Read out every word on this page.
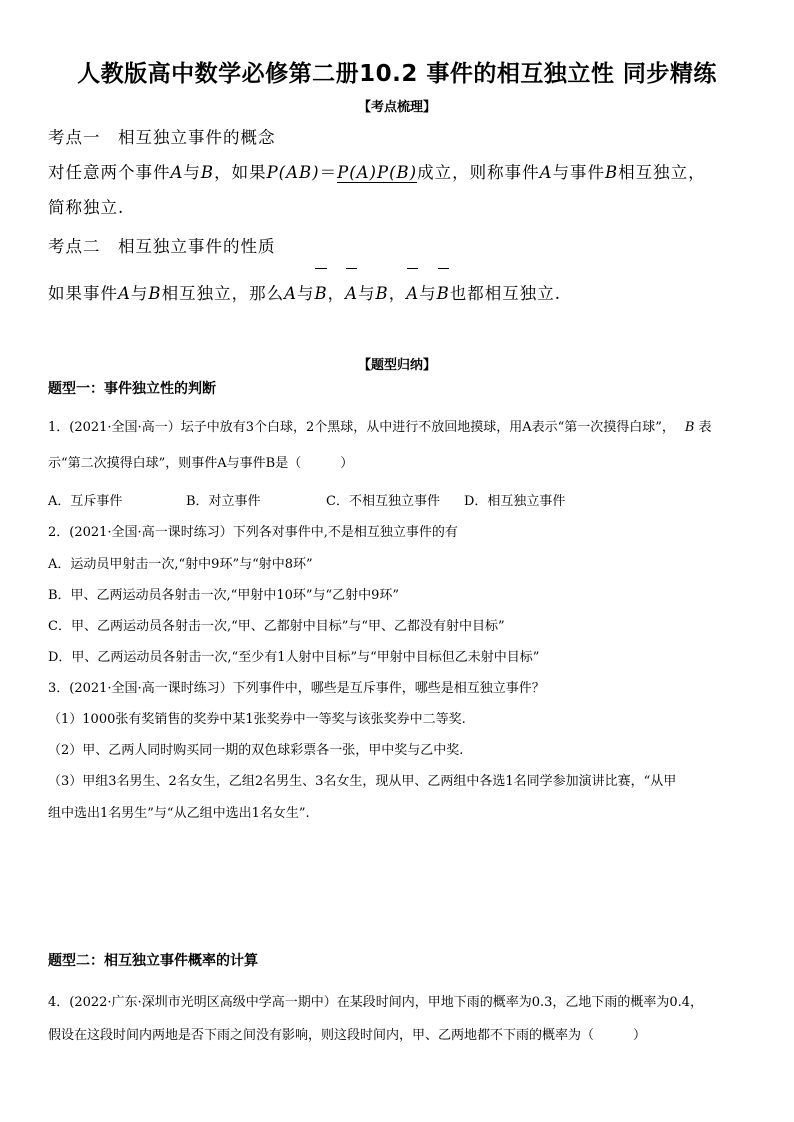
人教版高中数学必修第二册10.2 事件的相互独立性 同步精练
【考点梳理】
考点一　相互独立事件的概念
对任意两个事件A与B，如果P(AB)＝P(A)P(B)成立，则称事件A与事件B相互独立，
简称独立.
考点二　相互独立事件的性质
如果事件A与B相互独立，那么A与B，A与B，A与B也都相互独立.
【题型归纳】
题型一：事件独立性的判断
1．(2021·全国·高一）坛子中放有3个白球，2个黑球，从中进行不放回地摸球，用A表示“第一次摸得白球”， B 表
示“第二次摸得白球”，则事件A与事件B是（　　　）
A．互斥事件	B．对立事件	C．不相互独立事件 D．相互独立事件
2．(2021·全国·高一课时练习）下列各对事件中,不是相互独立事件的有
A．运动员甲射击一次,“射中9环”与“射中8环”
B．甲、乙两运动员各射击一次,“甲射中10环”与“乙射中9环”
C．甲、乙两运动员各射击一次,“甲、乙都射中目标”与“甲、乙都没有射中目标”
D．甲、乙两运动员各射击一次,“至少有1人射中目标”与“甲射中目标但乙未射中目标”
3．(2021·全国·高一课时练习）下列事件中，哪些是互斥事件，哪些是相互独立事件？
（1）1000张有奖销售的奖券中某1张奖券中一等奖与该张奖券中二等奖.
（2）甲、乙两人同时购买同一期的双色球彩票各一张，甲中奖与乙中奖.
（3）甲组3名男生、2名女生，乙组2名男生、3名女生，现从甲、乙两组中各选1名同学参加演讲比赛，“从甲
组中选出1名男生”与“从乙组中选出1名女生”.
题型二：相互独立事件概率的计算
4．(2022·广东·深圳市光明区高级中学高一期中）在某段时间内，甲地下雨的概率为0.3，乙地下雨的概率为0.4，
假设在这段时间内两地是否下雨之间没有影响，则这段时间内，甲、乙两地都不下雨的概率为（　　　）
